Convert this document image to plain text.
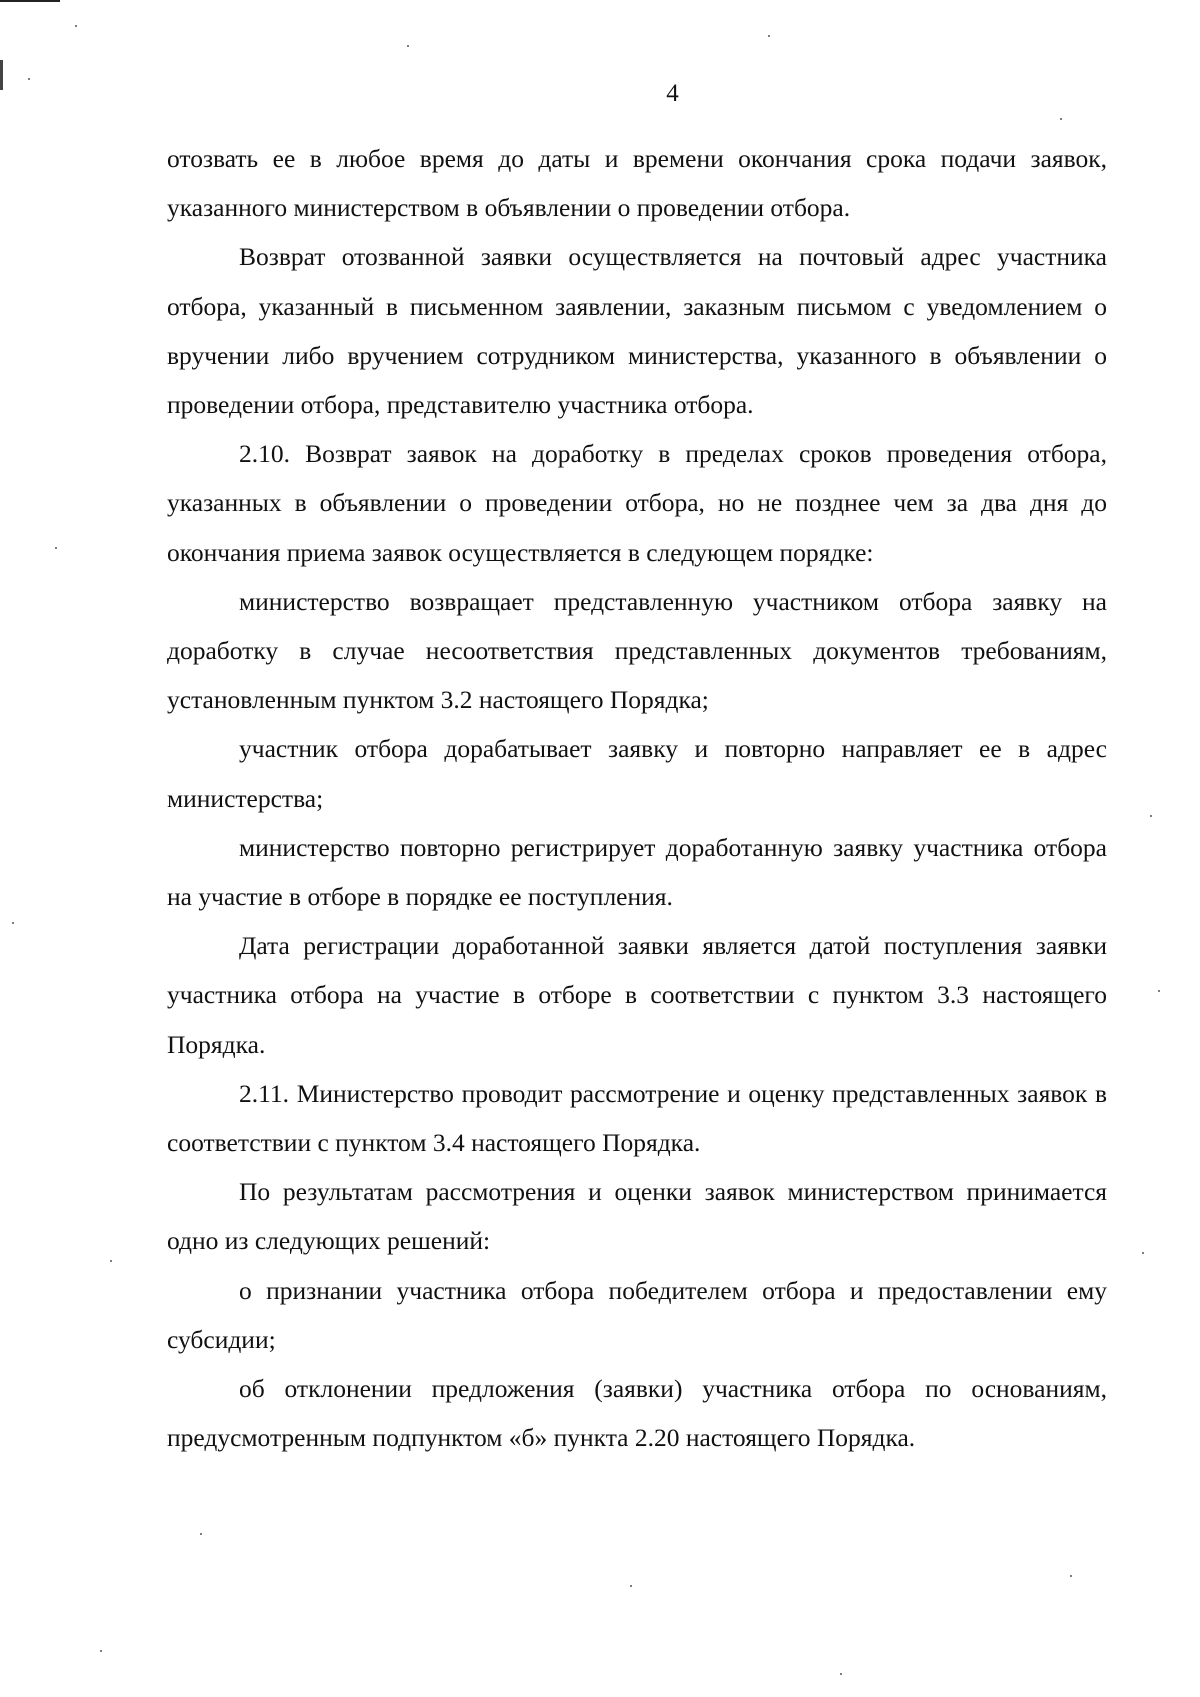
4

отозвать ее в любое время до даты и времени окончания срока подачи заявок, указанного министерством в объявлении о проведении отбора.

Возврат отозванной заявки осуществляется на почтовый адрес участника отбора, указанный в письменном заявлении, заказным письмом с уведомлением о вручении либо вручением сотрудником министерства, указанного в объявлении о проведении отбора, представителю участника отбора.

2.10. Возврат заявок на доработку в пределах сроков проведения отбора, указанных в объявлении о проведении отбора, но не позднее чем за два дня до окончания приема заявок осуществляется в следующем порядке:

министерство возвращает представленную участником отбора заявку на доработку в случае несоответствия представленных документов требованиям, установленным пунктом 3.2 настоящего Порядка;

участник отбора дорабатывает заявку и повторно направляет ее в адрес министерства;

министерство повторно регистрирует доработанную заявку участника отбора на участие в отборе в порядке ее поступления.

Дата регистрации доработанной заявки является датой поступления заявки участника отбора на участие в отборе в соответствии с пунктом 3.3 настоящего Порядка.

2.11. Министерство проводит рассмотрение и оценку представленных заявок в соответствии с пунктом 3.4 настоящего Порядка.

По результатам рассмотрения и оценки заявок министерством принимается одно из следующих решений:

о признании участника отбора победителем отбора и предоставлении ему субсидии;

об отклонении предложения (заявки) участника отбора по основаниям, предусмотренным подпунктом «б» пункта 2.20 настоящего Порядка.
